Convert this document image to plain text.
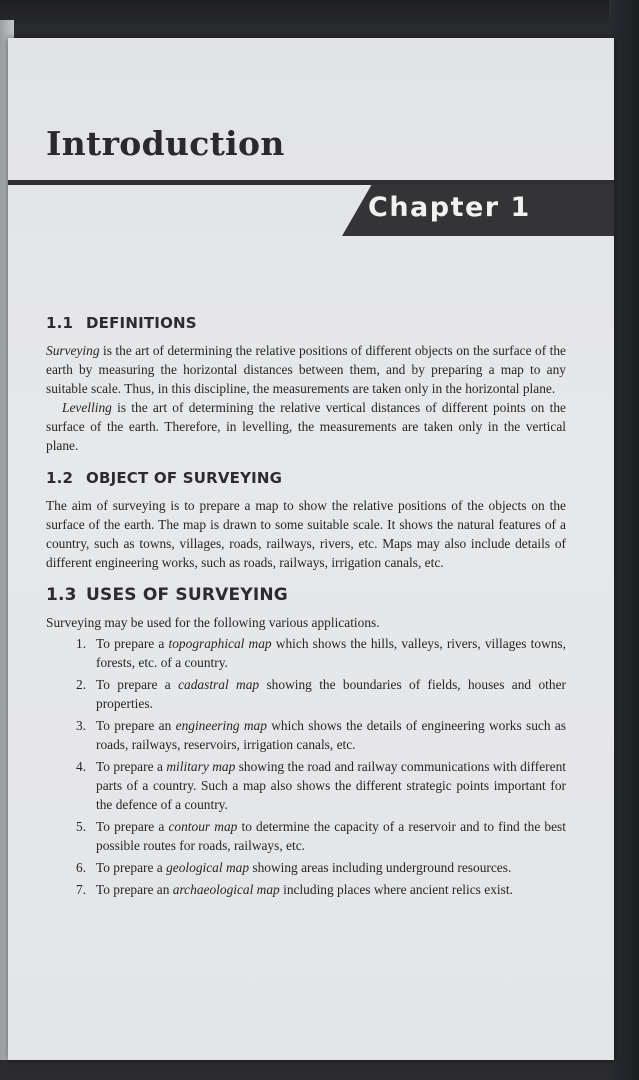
Introduction
Chapter 1
1.1 DEFINITIONS

Surveying is the art of determining the relative positions of different objects on the surface of the earth by measuring the horizontal distances between them, and by preparing a map to any suitable scale. Thus, in this discipline, the measurements are taken only in the horizontal plane.

Levelling is the art of determining the relative vertical distances of different points on the surface of the earth. Therefore, in levelling, the measurements are taken only in the vertical plane.

1.2 OBJECT OF SURVEYING

The aim of surveying is to prepare a map to show the relative positions of the objects on the surface of the earth. The map is drawn to some suitable scale. It shows the natural features of a country, such as towns, villages, roads, railways, rivers, etc. Maps may also include details of different engineering works, such as roads, railways, irrigation canals, etc.

1.3 USES OF SURVEYING

Surveying may be used for the following various applications.

1. To prepare a topographical map which shows the hills, valleys, rivers, villages towns, forests, etc. of a country.
2. To prepare a cadastral map showing the boundaries of fields, houses and other properties.
3. To prepare an engineering map which shows the details of engineering works such as roads, railways, reservoirs, irrigation canals, etc.
4. To prepare a military map showing the road and railway communications with different parts of a country. Such a map also shows the different strategic points important for the defence of a country.
5. To prepare a contour map to determine the capacity of a reservoir and to find the best possible routes for roads, railways, etc.
6. To prepare a geological map showing areas including underground resources.
7. To prepare an archaeological map including places where ancient relics exist.
